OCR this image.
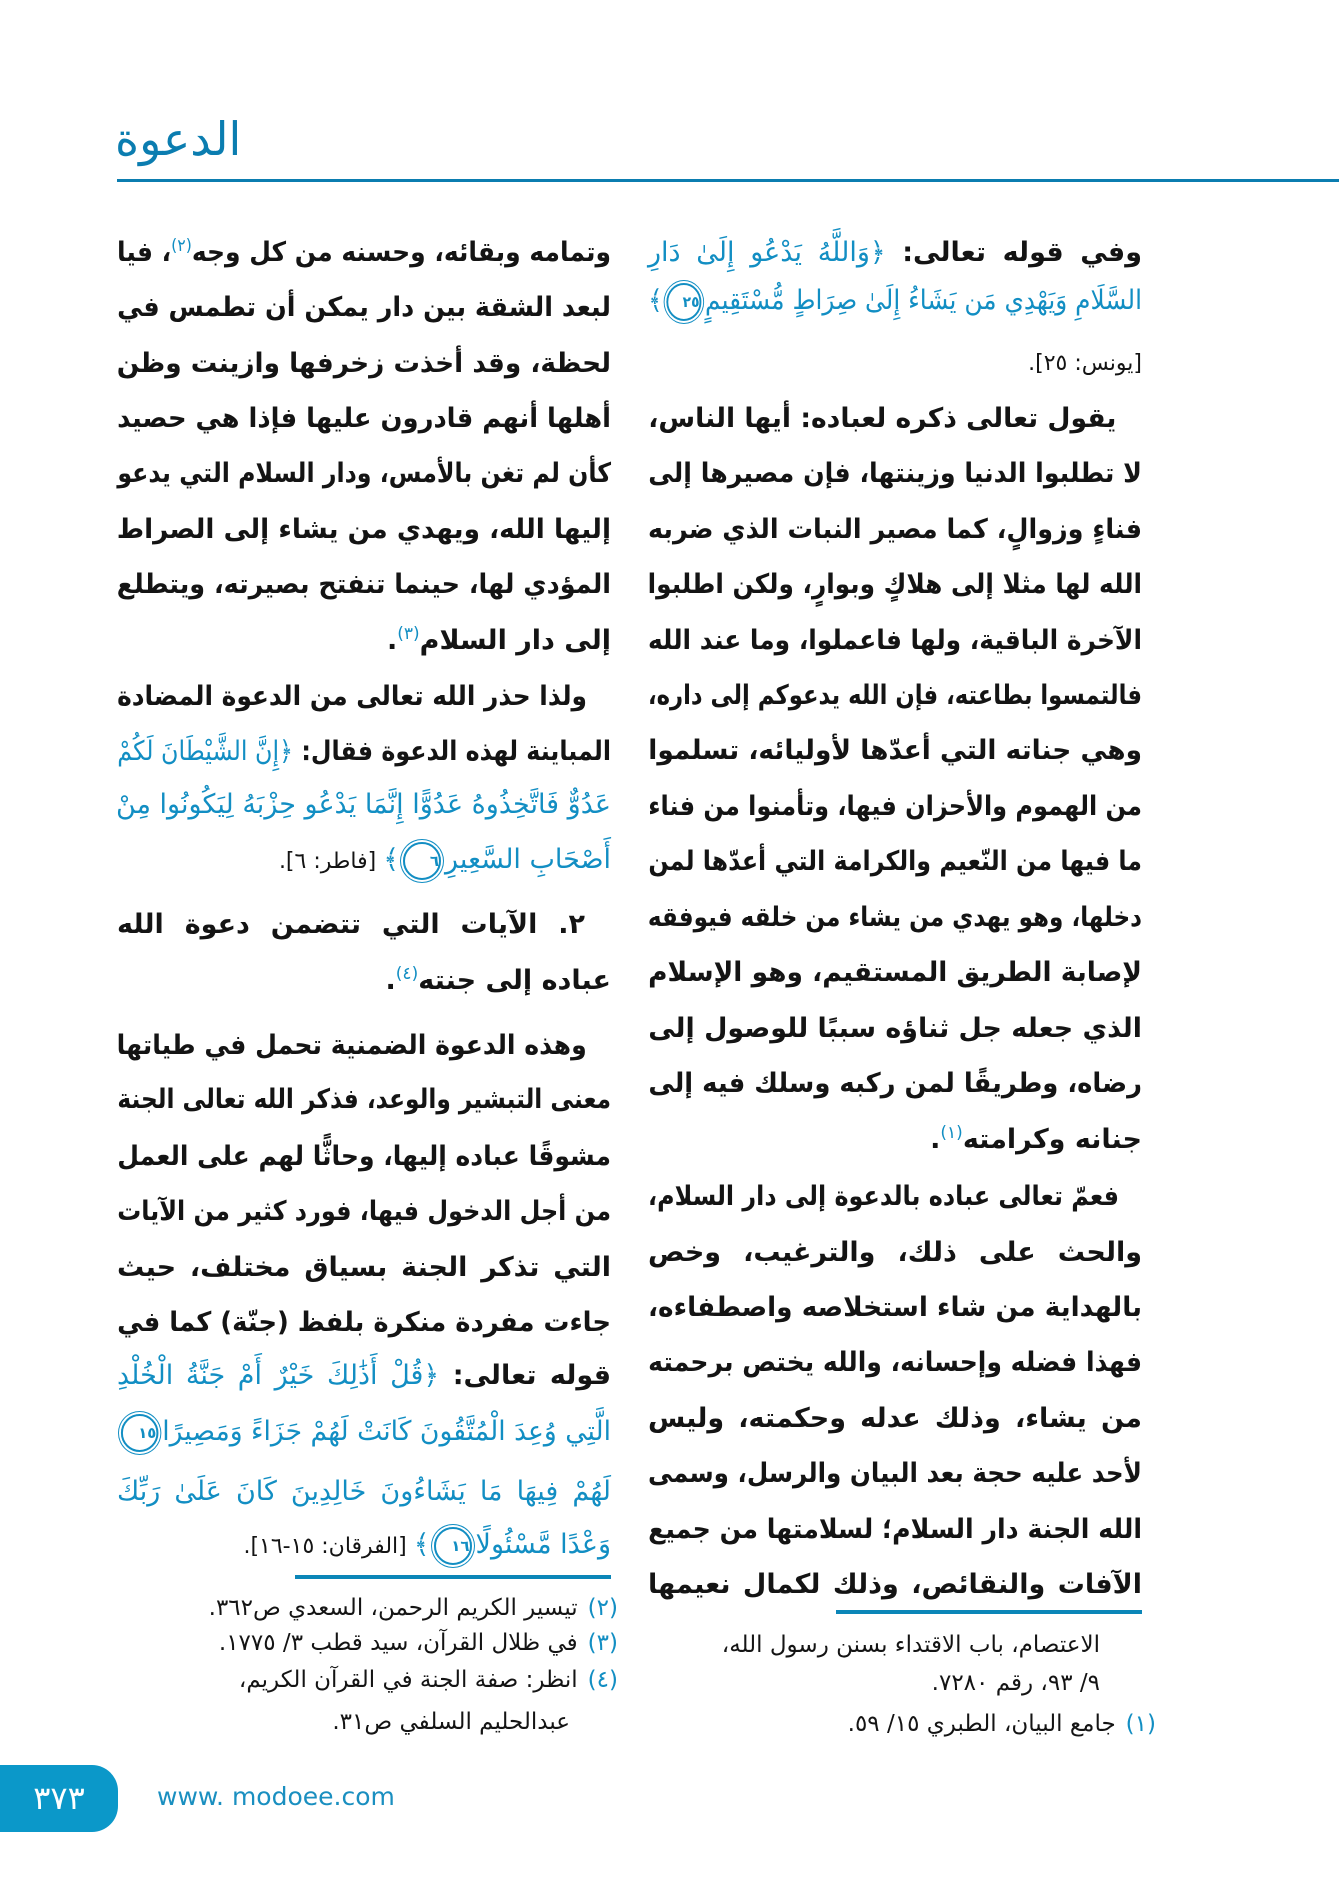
الدعوة
وفي قوله تعالى: ﴿وَاللَّهُ يَدْعُو إِلَىٰ دَارِ
السَّلَامِ وَيَهْدِي مَن يَشَاءُ إِلَىٰ صِرَاطٍ مُّسْتَقِيمٍ٢٥﴾
[يونس: ٢٥].
يقول تعالى ذكره لعباده: أيها الناس،
لا تطلبوا الدنيا وزينتها، فإن مصيرها إلى
فناءٍ وزوالٍ، كما مصير النبات الذي ضربه
الله لها مثلا إلى هلاكٍ وبوارٍ، ولكن اطلبوا
الآخرة الباقية، ولها فاعملوا، وما عند الله
فالتمسوا بطاعته، فإن الله يدعوكم إلى داره،
وهي جناته التي أعدّها لأوليائه، تسلموا
من الهموم والأحزان فيها، وتأمنوا من فناء
ما فيها من النّعيم والكرامة التي أعدّها لمن
دخلها، وهو يهدي من يشاء من خلقه فيوفقه
لإصابة الطريق المستقيم، وهو الإسلام
الذي جعله جل ثناؤه سببًا للوصول إلى
رضاه، وطريقًا لمن ركبه وسلك فيه إلى
جنانه وكرامته$^{(١)}$.
فعمّ تعالى عباده بالدعوة إلى دار السلام،
والحث على ذلك، والترغيب، وخص
بالهداية من شاء استخلاصه واصطفاءه،
فهذا فضله وإحسانه، والله يختص برحمته
من يشاء، وذلك عدله وحكمته، وليس
لأحد عليه حجة بعد البيان والرسل، وسمى
الله الجنة دار السلام؛ لسلامتها من جميع
الآفات والنقائص، وذلك لكمال نعيمها
الاعتصام، باب الاقتداء بسنن رسول الله،
٩/ ٩٣، رقم ٧٢٨٠.
(١)جامع البيان، الطبري ١٥/ ٥٩.
وتمامه وبقائه، وحسنه من كل وجه$^{(٢)}$، فيا
لبعد الشقة بين دار يمكن أن تطمس في
لحظة، وقد أخذت زخرفها وازينت وظن
أهلها أنهم قادرون عليها فإذا هي حصيد
كأن لم تغن بالأمس، ودار السلام التي يدعو
إليها الله، ويهدي من يشاء إلى الصراط
المؤدي لها، حينما تنفتح بصيرته، ويتطلع
إلى دار السلام$^{(٣)}$.
ولذا حذر الله تعالى من الدعوة المضادة
المباينة لهذه الدعوة فقال: ﴿إِنَّ الشَّيْطَانَ لَكُمْ
عَدُوٌّ فَاتَّخِذُوهُ عَدُوًّا إِنَّمَا يَدْعُو حِزْبَهُ لِيَكُونُوا مِنْ
أَصْحَابِ السَّعِيرِ٦﴾ [فاطر: ٦].
٢. الآيات التي تتضمن دعوة الله
عباده إلى جنته$^{(٤)}$.
وهذه الدعوة الضمنية تحمل في طياتها
معنى التبشير والوعد، فذكر الله تعالى الجنة
مشوقًا عباده إليها، وحاثًّا لهم على العمل
من أجل الدخول فيها، فورد كثير من الآيات
التي تذكر الجنة بسياق مختلف، حيث
جاءت مفردة منكرة بلفظ (جنّة) كما في
قوله تعالى: ﴿قُلْ أَذَٰلِكَ خَيْرٌ أَمْ جَنَّةُ الْخُلْدِ
الَّتِي وُعِدَ الْمُتَّقُونَ كَانَتْ لَهُمْ جَزَاءً وَمَصِيرًا١٥
لَهُمْ فِيهَا مَا يَشَاءُونَ خَالِدِينَ كَانَ عَلَىٰ رَبِّكَ
وَعْدًا مَّسْئُولًا١٦﴾ [الفرقان: ١٥-١٦].
(٢)تيسير الكريم الرحمن، السعدي ص٣٦٢.
(٣)في ظلال القرآن، سيد قطب ٣/ ١٧٧٥.
(٤)انظر: صفة الجنة في القرآن الكريم،
عبدالحليم السلفي ص٣١.
٣٧٣	www. modoee.com
